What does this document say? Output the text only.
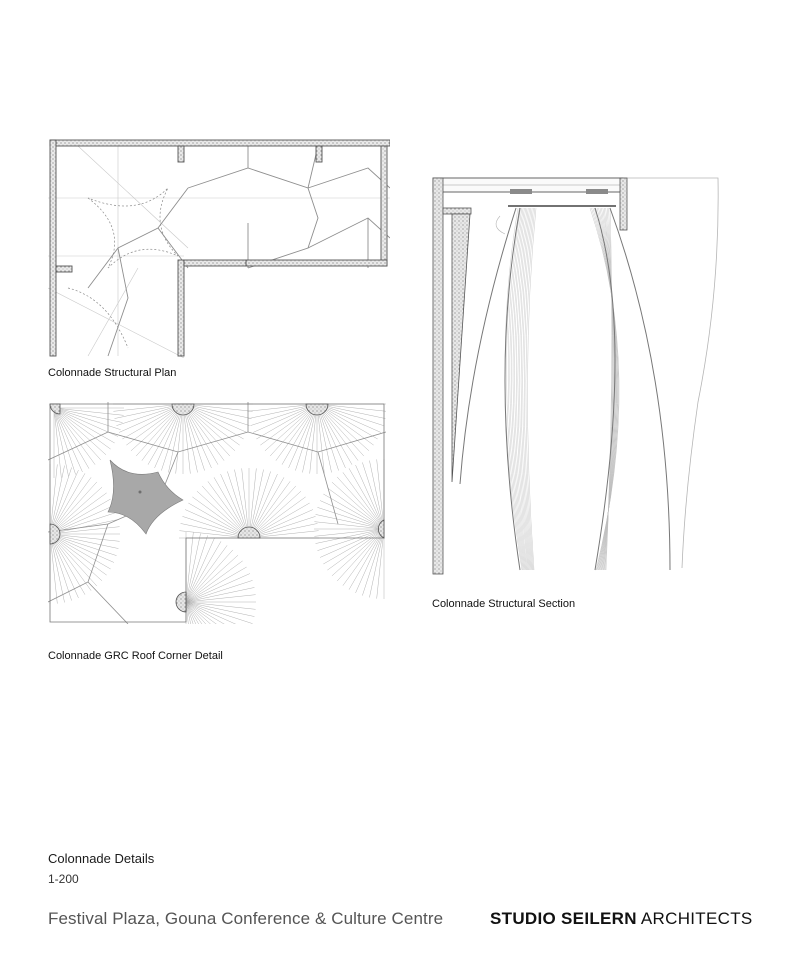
Colonnade Structural Plan
Colonnade GRC Roof Corner Detail
Colonnade Structural Section
Colonnade Details
1-200
Festival Plaza, Gouna Conference & Culture Centre	STUDIO SEILERN ARCHITECTS
